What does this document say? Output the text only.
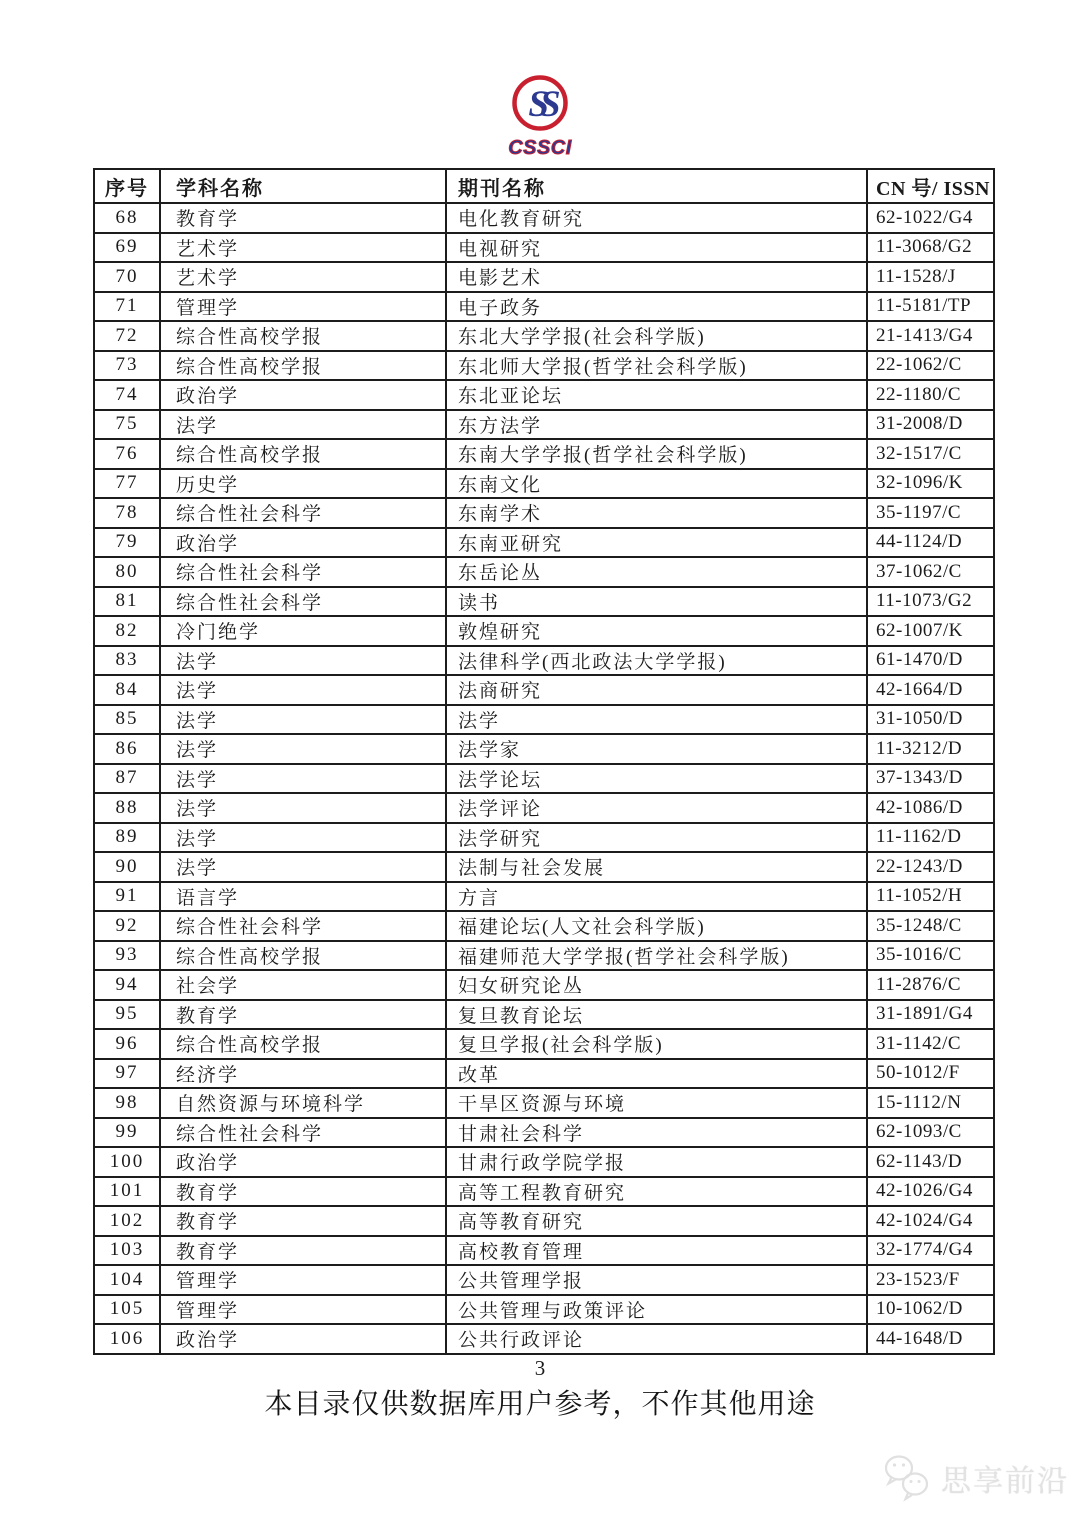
SS
CSSCI
序号	学科名称	期刊名称	CN 号/ ISSN
68	教育学	电化教育研究	62-1022/G4
69	艺术学	电视研究	11-3068/G2
70	艺术学	电影艺术	11-1528/J
71	管理学	电子政务	11-5181/TP
72	综合性高校学报	东北大学学报(社会科学版)	21-1413/G4
73	综合性高校学报	东北师大学报(哲学社会科学版)	22-1062/C
74	政治学	东北亚论坛	22-1180/C
75	法学	东方法学	31-2008/D
76	综合性高校学报	东南大学学报(哲学社会科学版)	32-1517/C
77	历史学	东南文化	32-1096/K
78	综合性社会科学	东南学术	35-1197/C
79	政治学	东南亚研究	44-1124/D
80	综合性社会科学	东岳论丛	37-1062/C
81	综合性社会科学	读书	11-1073/G2
82	冷门绝学	敦煌研究	62-1007/K
83	法学	法律科学(西北政法大学学报)	61-1470/D
84	法学	法商研究	42-1664/D
85	法学	法学	31-1050/D
86	法学	法学家	11-3212/D
87	法学	法学论坛	37-1343/D
88	法学	法学评论	42-1086/D
89	法学	法学研究	11-1162/D
90	法学	法制与社会发展	22-1243/D
91	语言学	方言	11-1052/H
92	综合性社会科学	福建论坛(人文社会科学版)	35-1248/C
93	综合性高校学报	福建师范大学学报(哲学社会科学版)	35-1016/C
94	社会学	妇女研究论丛	11-2876/C
95	教育学	复旦教育论坛	31-1891/G4
96	综合性高校学报	复旦学报(社会科学版)	31-1142/C
97	经济学	改革	50-1012/F
98	自然资源与环境科学	干旱区资源与环境	15-1112/N
99	综合性社会科学	甘肃社会科学	62-1093/C
100	政治学	甘肃行政学院学报	62-1143/D
101	教育学	高等工程教育研究	42-1026/G4
102	教育学	高等教育研究	42-1024/G4
103	教育学	高校教育管理	32-1774/G4
104	管理学	公共管理学报	23-1523/F
105	管理学	公共管理与政策评论	10-1062/D
106	政治学	公共行政评论	44-1648/D
3
本目录仅供数据库用户参考，不作其他用途
思享前沿
